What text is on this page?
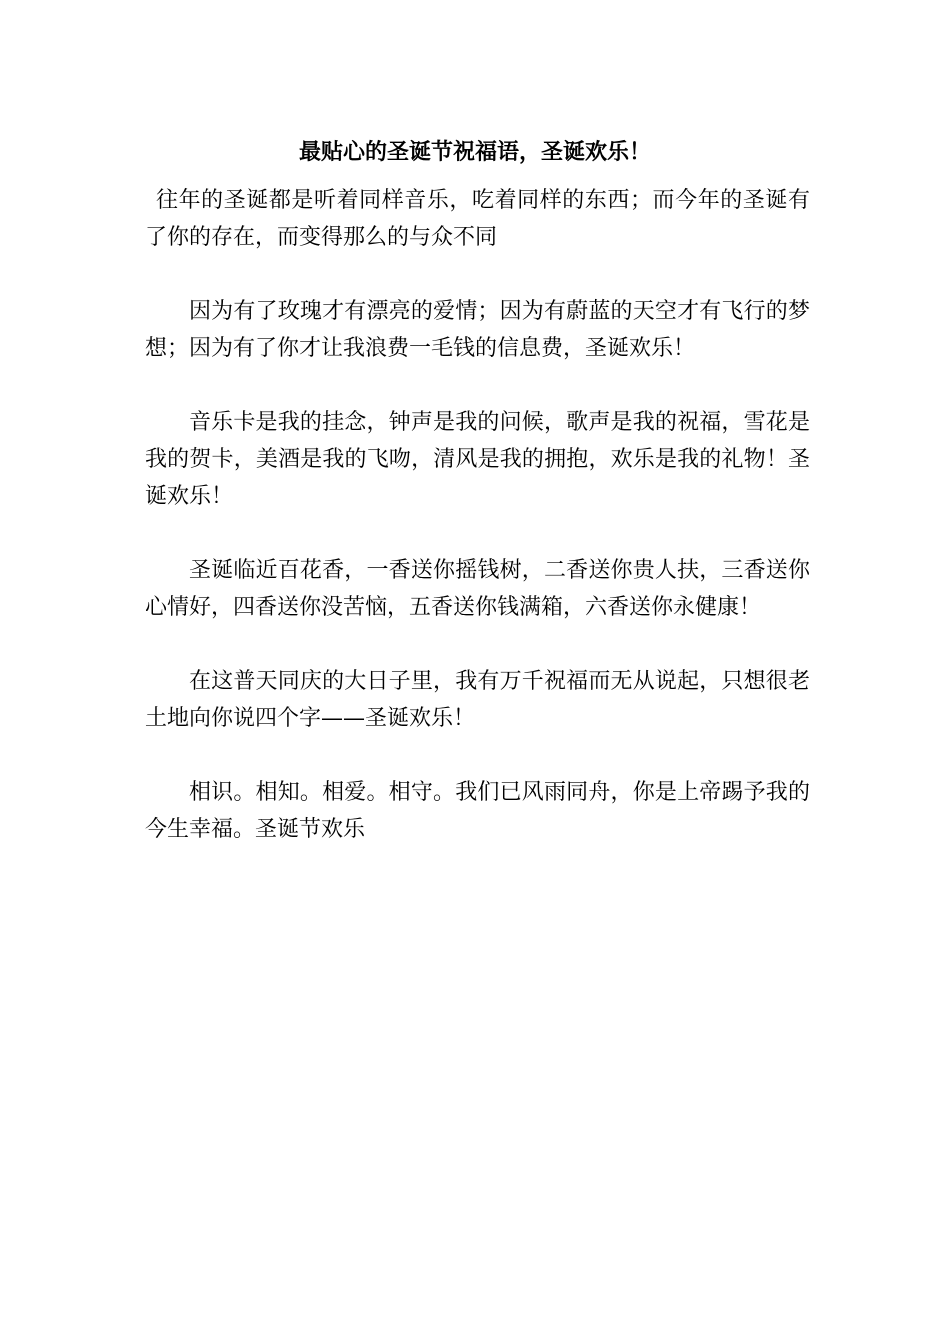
最贴心的圣诞节祝福语，圣诞欢乐！

往年的圣诞都是听着同样音乐，吃着同样的东西；而今年的圣诞有了你的存在，而变得那么的与众不同

因为有了玫瑰才有漂亮的爱情；因为有蔚蓝的天空才有飞行的梦想；因为有了你才让我浪费一毛钱的信息费，圣诞欢乐！

音乐卡是我的挂念，钟声是我的问候，歌声是我的祝福，雪花是我的贺卡，美酒是我的飞吻，清风是我的拥抱，欢乐是我的礼物！圣诞欢乐！

圣诞临近百花香，一香送你摇钱树，二香送你贵人扶，三香送你心情好，四香送你没苦恼，五香送你钱满箱，六香送你永健康！

在这普天同庆的大日子里，我有万千祝福而无从说起，只想很老土地向你说四个字——圣诞欢乐！

相识。相知。相爱。相守。我们已风雨同舟，你是上帝踢予我的今生幸福。圣诞节欢乐
